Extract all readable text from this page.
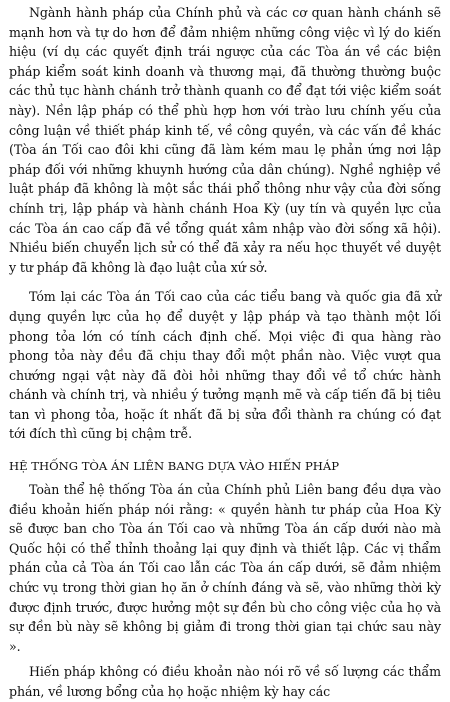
Ngành hành pháp của Chính phủ và các cơ quan hành chánh sẽ mạnh hơn và tự do hơn để đảm nhiệm những công việc vì lý do kiến hiệu (ví dụ các quyết định trái ngược của các Tòa án về các biện pháp kiểm soát kinh doanh và thương mại, đã thường thường buộc các thủ tục hành chánh trở thành quanh co để đạt tới việc kiểm soát này). Nền lập pháp có thể phù hợp hơn với trào lưu chính yếu của công luận về thiết pháp kinh tế, về công quyền, và các vấn đề khác (Tòa án Tối cao đôi khi cũng đã làm kém mau lẹ phản ứng nơi lập pháp đối với những khuynh hướng của dân chúng). Nghề nghiệp về luật pháp đã không là một sắc thái phổ thông như vậy của đời sống chính trị, lập pháp và hành chánh Hoa Kỳ (uy tín và quyền lực của các Tòa án cao cấp đã về tổng quát xâm nhập vào đời sống xã hội). Nhiều biến chuyển lịch sử có thể đã xảy ra nếu học thuyết về duyệt y tư pháp đã không là đạo luật của xứ sở.

Tóm lại các Tòa án Tối cao của các tiểu bang và quốc gia đã xử dụng quyền lực của họ để duyệt y lập pháp và tạo thành một lối phong tỏa lớn có tính cách định chế. Mọi việc đi qua hàng rào phong tỏa này đều đã chịu thay đổi một phần nào. Việc vượt qua chướng ngại vật này đã đòi hỏi những thay đổi về tổ chức hành chánh và chính trị, và nhiều ý tưởng mạnh mẽ và cấp tiến đã bị tiêu tan vì phong tỏa, hoặc ít nhất đã bị sửa đổi thành ra chúng có đạt tới đích thì cũng bị chậm trễ.

HỆ THỐNG TÒA ÁN LIÊN BANG DỰA VÀO HIẾN PHÁP

Toàn thể hệ thống Tòa án của Chính phủ Liên bang đều dựa vào điều khoản hiến pháp nói rằng: « quyền hành tư pháp của Hoa Kỳ sẽ được ban cho Tòa án Tối cao và những Tòa án cấp dưới nào mà Quốc hội có thể thỉnh thoảng lại quy định và thiết lập. Các vị thẩm phán của cả Tòa án Tối cao lẫn các Tòa án cấp dưới, sẽ đảm nhiệm chức vụ trong thời gian họ ăn ở chính đáng và sẽ, vào những thời kỳ được định trước, được hưởng một sự đền bù cho công việc của họ và sự đền bù này sẽ không bị giảm đi trong thời gian tại chức sau này ».

Hiến pháp không có điều khoản nào nói rõ về số lượng các thẩm phán, về lương bổng của họ hoặc nhiệm kỳ hay các
